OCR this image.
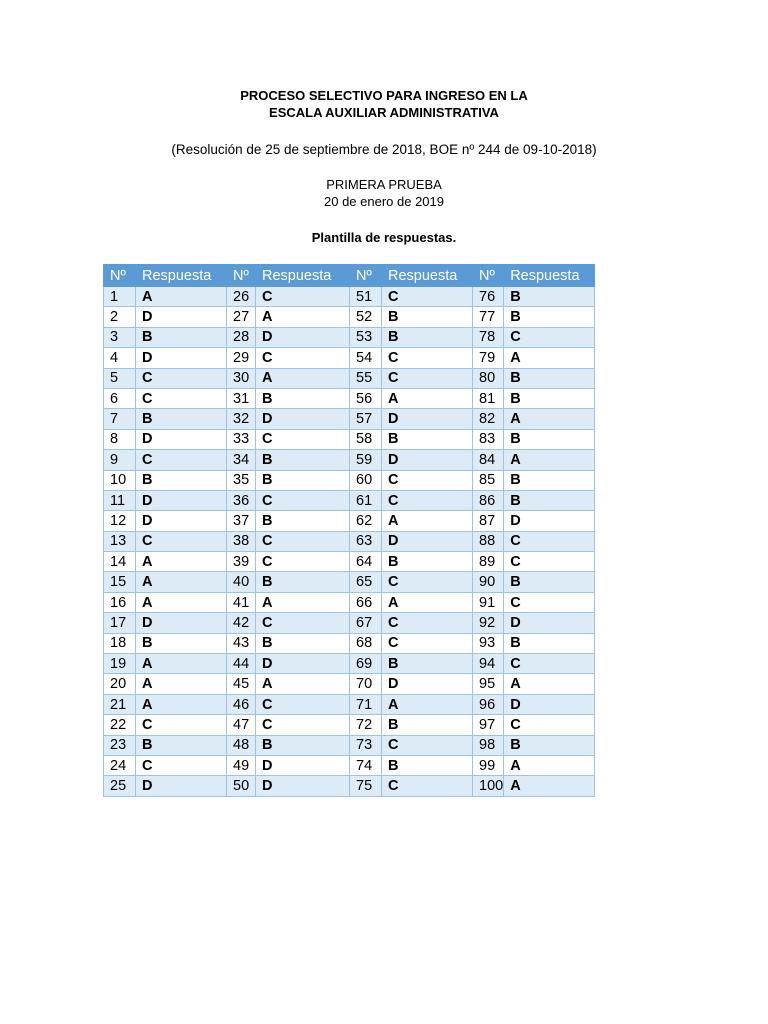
PROCESO SELECTIVO PARA INGRESO EN LA
ESCALA AUXILIAR ADMINISTRATIVA
(Resolución de 25 de septiembre de 2018, BOE nº 244 de 09-10-2018)
PRIMERA PRUEBA
20 de enero de 2019
Plantilla de respuestas.
Nº	Respuesta	Nº	Respuesta	Nº	Respuesta	Nº	Respuesta
1	A	26	C	51	C	76	B
2	D	27	A	52	B	77	B
3	B	28	D	53	B	78	C
4	D	29	C	54	C	79	A
5	C	30	A	55	C	80	B
6	C	31	B	56	A	81	B
7	B	32	D	57	D	82	A
8	D	33	C	58	B	83	B
9	C	34	B	59	D	84	A
10	B	35	B	60	C	85	B
11	D	36	C	61	C	86	B
12	D	37	B	62	A	87	D
13	C	38	C	63	D	88	C
14	A	39	C	64	B	89	C
15	A	40	B	65	C	90	B
16	A	41	A	66	A	91	C
17	D	42	C	67	C	92	D
18	B	43	B	68	C	93	B
19	A	44	D	69	B	94	C
20	A	45	A	70	D	95	A
21	A	46	C	71	A	96	D
22	C	47	C	72	B	97	C
23	B	48	B	73	C	98	B
24	C	49	D	74	B	99	A
25	D	50	D	75	C	100	A
